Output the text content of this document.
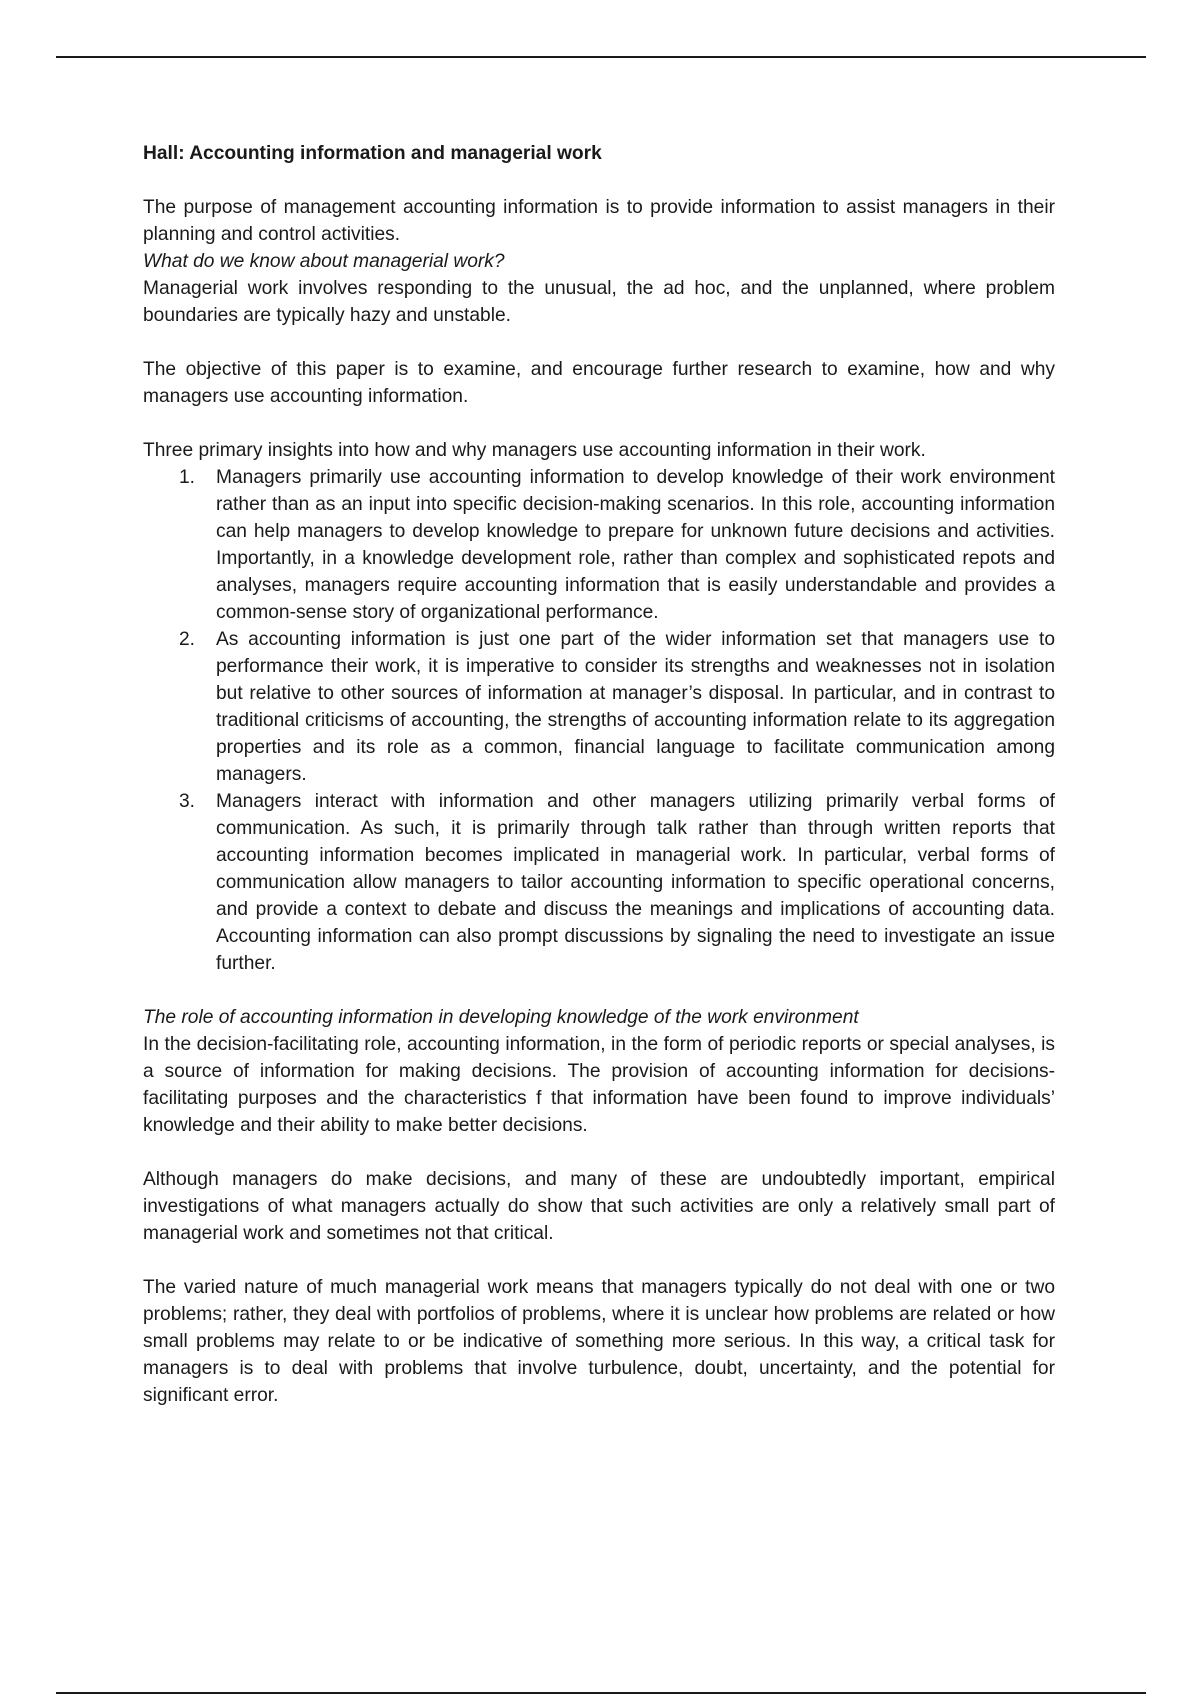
Hall: Accounting information and managerial work

The purpose of management accounting information is to provide information to assist managers in their planning and control activities.

What do we know about managerial work?

Managerial work involves responding to the unusual, the ad hoc, and the unplanned, where problem boundaries are typically hazy and unstable.

The objective of this paper is to examine, and encourage further research to examine, how and why managers use accounting information.

Three primary insights into how and why managers use accounting information in their work.

1. Managers primarily use accounting information to develop knowledge of their work environment rather than as an input into specific decision-making scenarios. In this role, accounting information can help managers to develop knowledge to prepare for unknown future decisions and activities. Importantly, in a knowledge development role, rather than complex and sophisticated repots and analyses, managers require accounting information that is easily understandable and provides a common-sense story of organizational performance.
2. As accounting information is just one part of the wider information set that managers use to performance their work, it is imperative to consider its strengths and weaknesses not in isolation but relative to other sources of information at manager’s disposal. In particular, and in contrast to traditional criticisms of accounting, the strengths of accounting information relate to its aggregation properties and its role as a common, financial language to facilitate communication among managers.
3. Managers interact with information and other managers utilizing primarily verbal forms of communication. As such, it is primarily through talk rather than through written reports that accounting information becomes implicated in managerial work. In particular, verbal forms of communication allow managers to tailor accounting information to specific operational concerns, and provide a context to debate and discuss the meanings and implications of accounting data. Accounting information can also prompt discussions by signaling the need to investigate an issue further.

The role of accounting information in developing knowledge of the work environment

In the decision-facilitating role, accounting information, in the form of periodic reports or special analyses, is a source of information for making decisions. The provision of accounting information for decisions-facilitating purposes and the characteristics f that information have been found to improve individuals’ knowledge and their ability to make better decisions.

Although managers do make decisions, and many of these are undoubtedly important, empirical investigations of what managers actually do show that such activities are only a relatively small part of managerial work and sometimes not that critical.

The varied nature of much managerial work means that managers typically do not deal with one or two problems; rather, they deal with portfolios of problems, where it is unclear how problems are related or how small problems may relate to or be indicative of something more serious. In this way, a critical task for managers is to deal with problems that involve turbulence, doubt, uncertainty, and the potential for significant error.
